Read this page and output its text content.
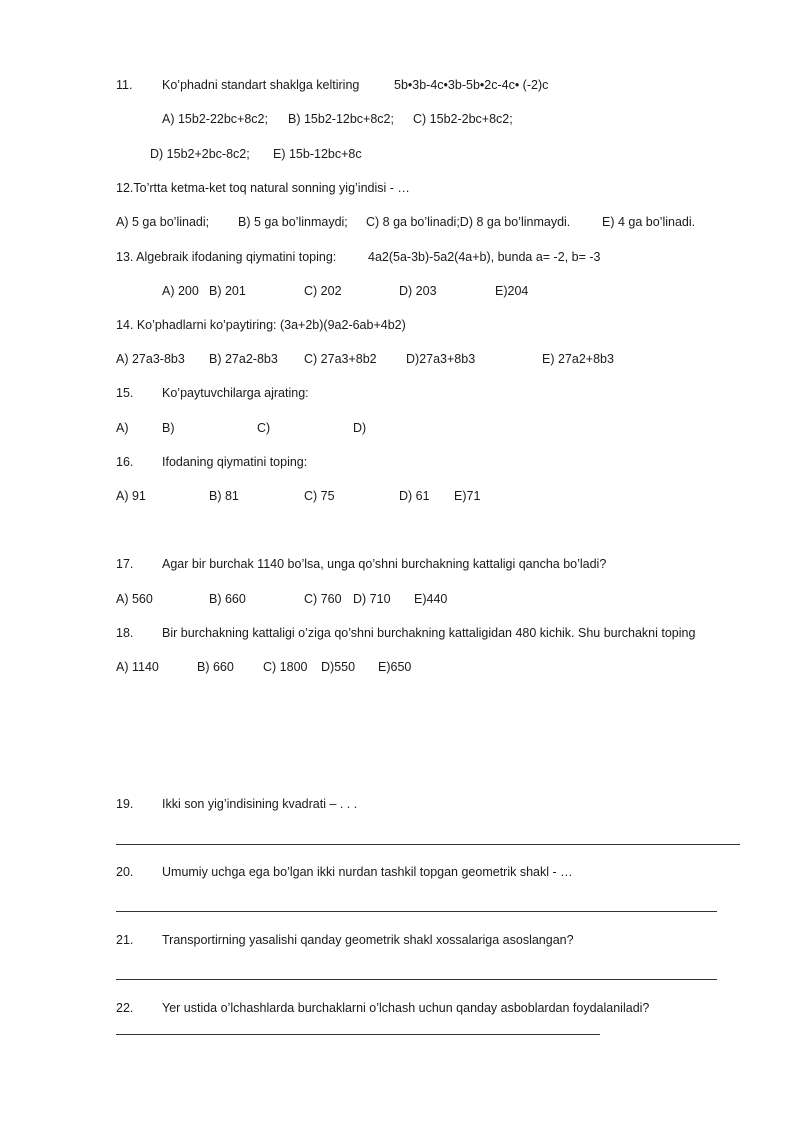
11. Ko’phadni standart shaklga keltiring	5b•3b-4c•3b-5b•2c-4c• (-2)c
A) 15b2-22bc+8c2; B) 15b2-12bc+8c2; C) 15b2-2bc+8c2;
D) 15b2+2bc-8c2; E) 15b-12bc+8c
12.To’rtta ketma-ket toq natural sonning yig’indisi - …
A) 5 ga bo’linadi; B) 5 ga bo’linmaydi; C) 8 ga bo’linadi;D) 8 ga bo’linmaydi.	E) 4 ga bo’linadi.
13. Algebraik ifodaning qiymatini toping:	4a2(5a-3b)-5a2(4a+b), bunda a= -2, b= -3
A) 200 B) 201	C) 202	D) 203	E)204
14. Ko’phadlarni ko’paytiring: (3a+2b)(9a2-6ab+4b2)
A) 27a3-8b3 B) 27a2-8b3 C) 27a3+8b2 D)27a3+8b3	E) 27a2+8b3
15. Ko’paytuvchilarga ajrating:
A)	B)	C)	D)
16. Ifodaning qiymatini toping:
A) 91	B) 81	C) 75	D) 61 E)71
17. Agar bir burchak 1140 bo’lsa, unga qo’shni burchakning kattaligi qancha bo’ladi?
A) 560	B) 660	C) 760 D) 710 E)440
18. Bir burchakning kattaligi o’ziga qo’shni burchakning kattaligidan 480 kichik. Shu burchakni toping
A) 1140	B) 660 C) 1800 D)550 E)650
19. Ikki son yig’indisining kvadrati – . . .
20. Umumiy uchga ega bo’lgan ikki nurdan tashkil topgan geometrik shakl - …
21. Transportirning yasalishi qanday geometrik shakl xossalariga asoslangan?
22. Yer ustida o’lchashlarda burchaklarni o’lchash uchun qanday asboblardan foydalaniladi?
